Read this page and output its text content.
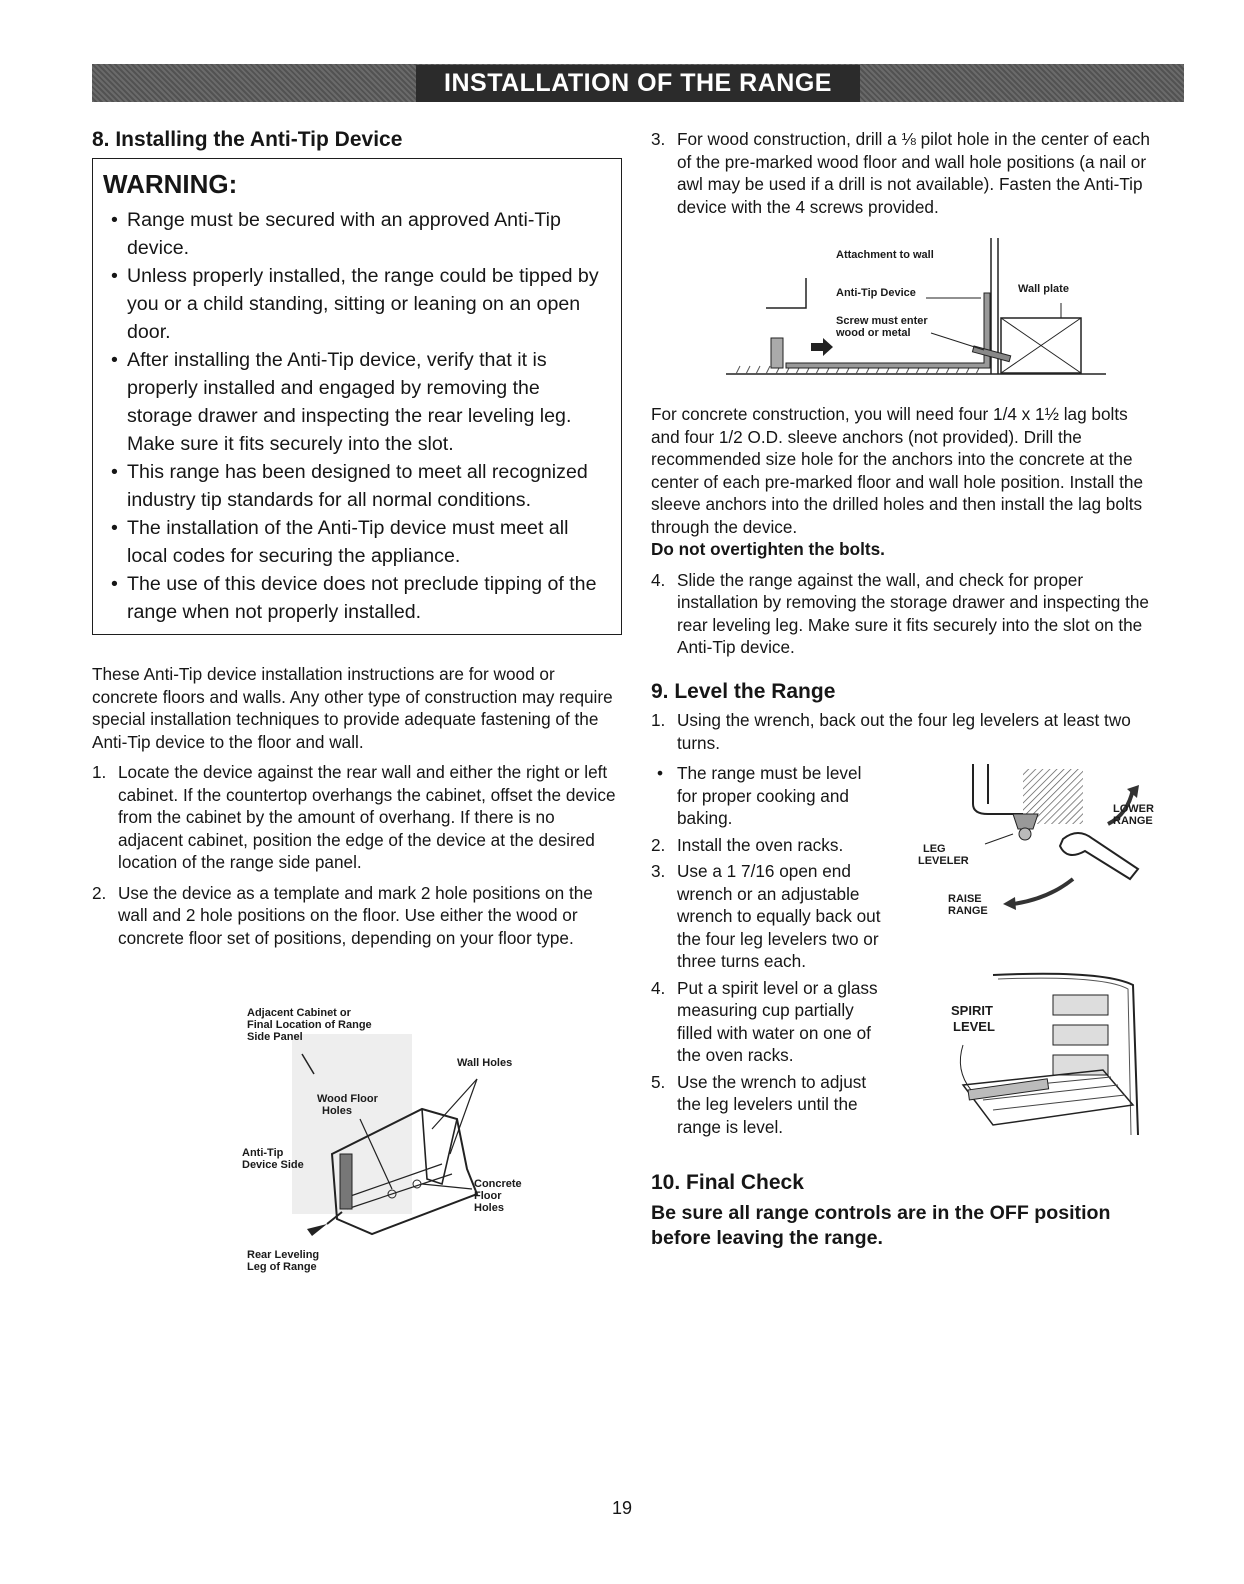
INSTALLATION OF THE RANGE
8. Installing the Anti-Tip Device
WARNING:
• Range must be secured with an approved Anti-Tip device.
• Unless properly installed, the range could be tipped by you or a child standing, sitting or leaning on an open door.
• After installing the Anti-Tip device, verify that it is properly installed and engaged by removing the storage drawer and inspecting the rear leveling leg. Make sure it fits securely into the slot.
• This range has been designed to meet all recognized industry tip standards for all normal conditions.
• The installation of the Anti-Tip device must meet all local codes for securing the appliance.
• The use of this device does not preclude tipping of the range when not properly installed.

These Anti-Tip device installation instructions are for wood or concrete floors and walls. Any other type of construction may require special installation techniques to provide adequate fastening of the Anti-Tip device to the floor and wall.

1. Locate the device against the rear wall and either the right or left cabinet. If the countertop overhangs the cabinet, offset the device from the cabinet by the amount of overhang. If there is no adjacent cabinet, position the edge of the device at the desired location of the range side panel.
2. Use the device as a template and mark 2 hole positions on the wall and 2 hole positions on the floor. Use either the wood or concrete floor set of positions, depending on your floor type.
Adjacent Cabinet or
Final Location of Range
Side Panel
Wall Holes
Wood Floor
Holes
Anti-Tip
Device Side
Concrete
Floor
Holes
Rear Leveling
Leg of Range
3. For wood construction, drill a ⅛ pilot hole in the center of each of the pre-marked wood floor and wall hole positions (a nail or awl may be used if a drill is not available). Fasten the Anti-Tip device with the 4 screws provided.
Attachment to wall
Anti-Tip Device
Screw must enter
wood or metal
Wall plate

For concrete construction, you will need four 1/4 x 1½ lag bolts and four 1/2 O.D. sleeve anchors (not provided). Drill the recommended size hole for the anchors into the concrete at the center of each pre-marked floor and wall hole position. Install the sleeve anchors into the drilled holes and then install the lag bolts through the device.

Do not overtighten the bolts.

4. Slide the range against the wall, and check for proper installation by removing the storage drawer and inspecting the rear leveling leg. Make sure it fits securely into the slot on the Anti-Tip device.
9. Level the Range
1. Using the wrench, back out the four leg levelers at least two turns.
• The range must be level for proper cooking and baking.
2. Install the oven racks.
3. Use a 1 7/16 open end wrench or an adjustable wrench to equally back out the four leg levelers two or three turns each.
4. Put a spirit level or a glass measuring cup partially filled with water on one of the oven racks.
5. Use the wrench to adjust the leg levelers until the range is level.
LOWER
RANGE
LEG
LEVELER
RAISE
RANGE
SPIRIT
LEVEL
10. Final Check

Be sure all range controls are in the OFF position before leaving the range.

19
